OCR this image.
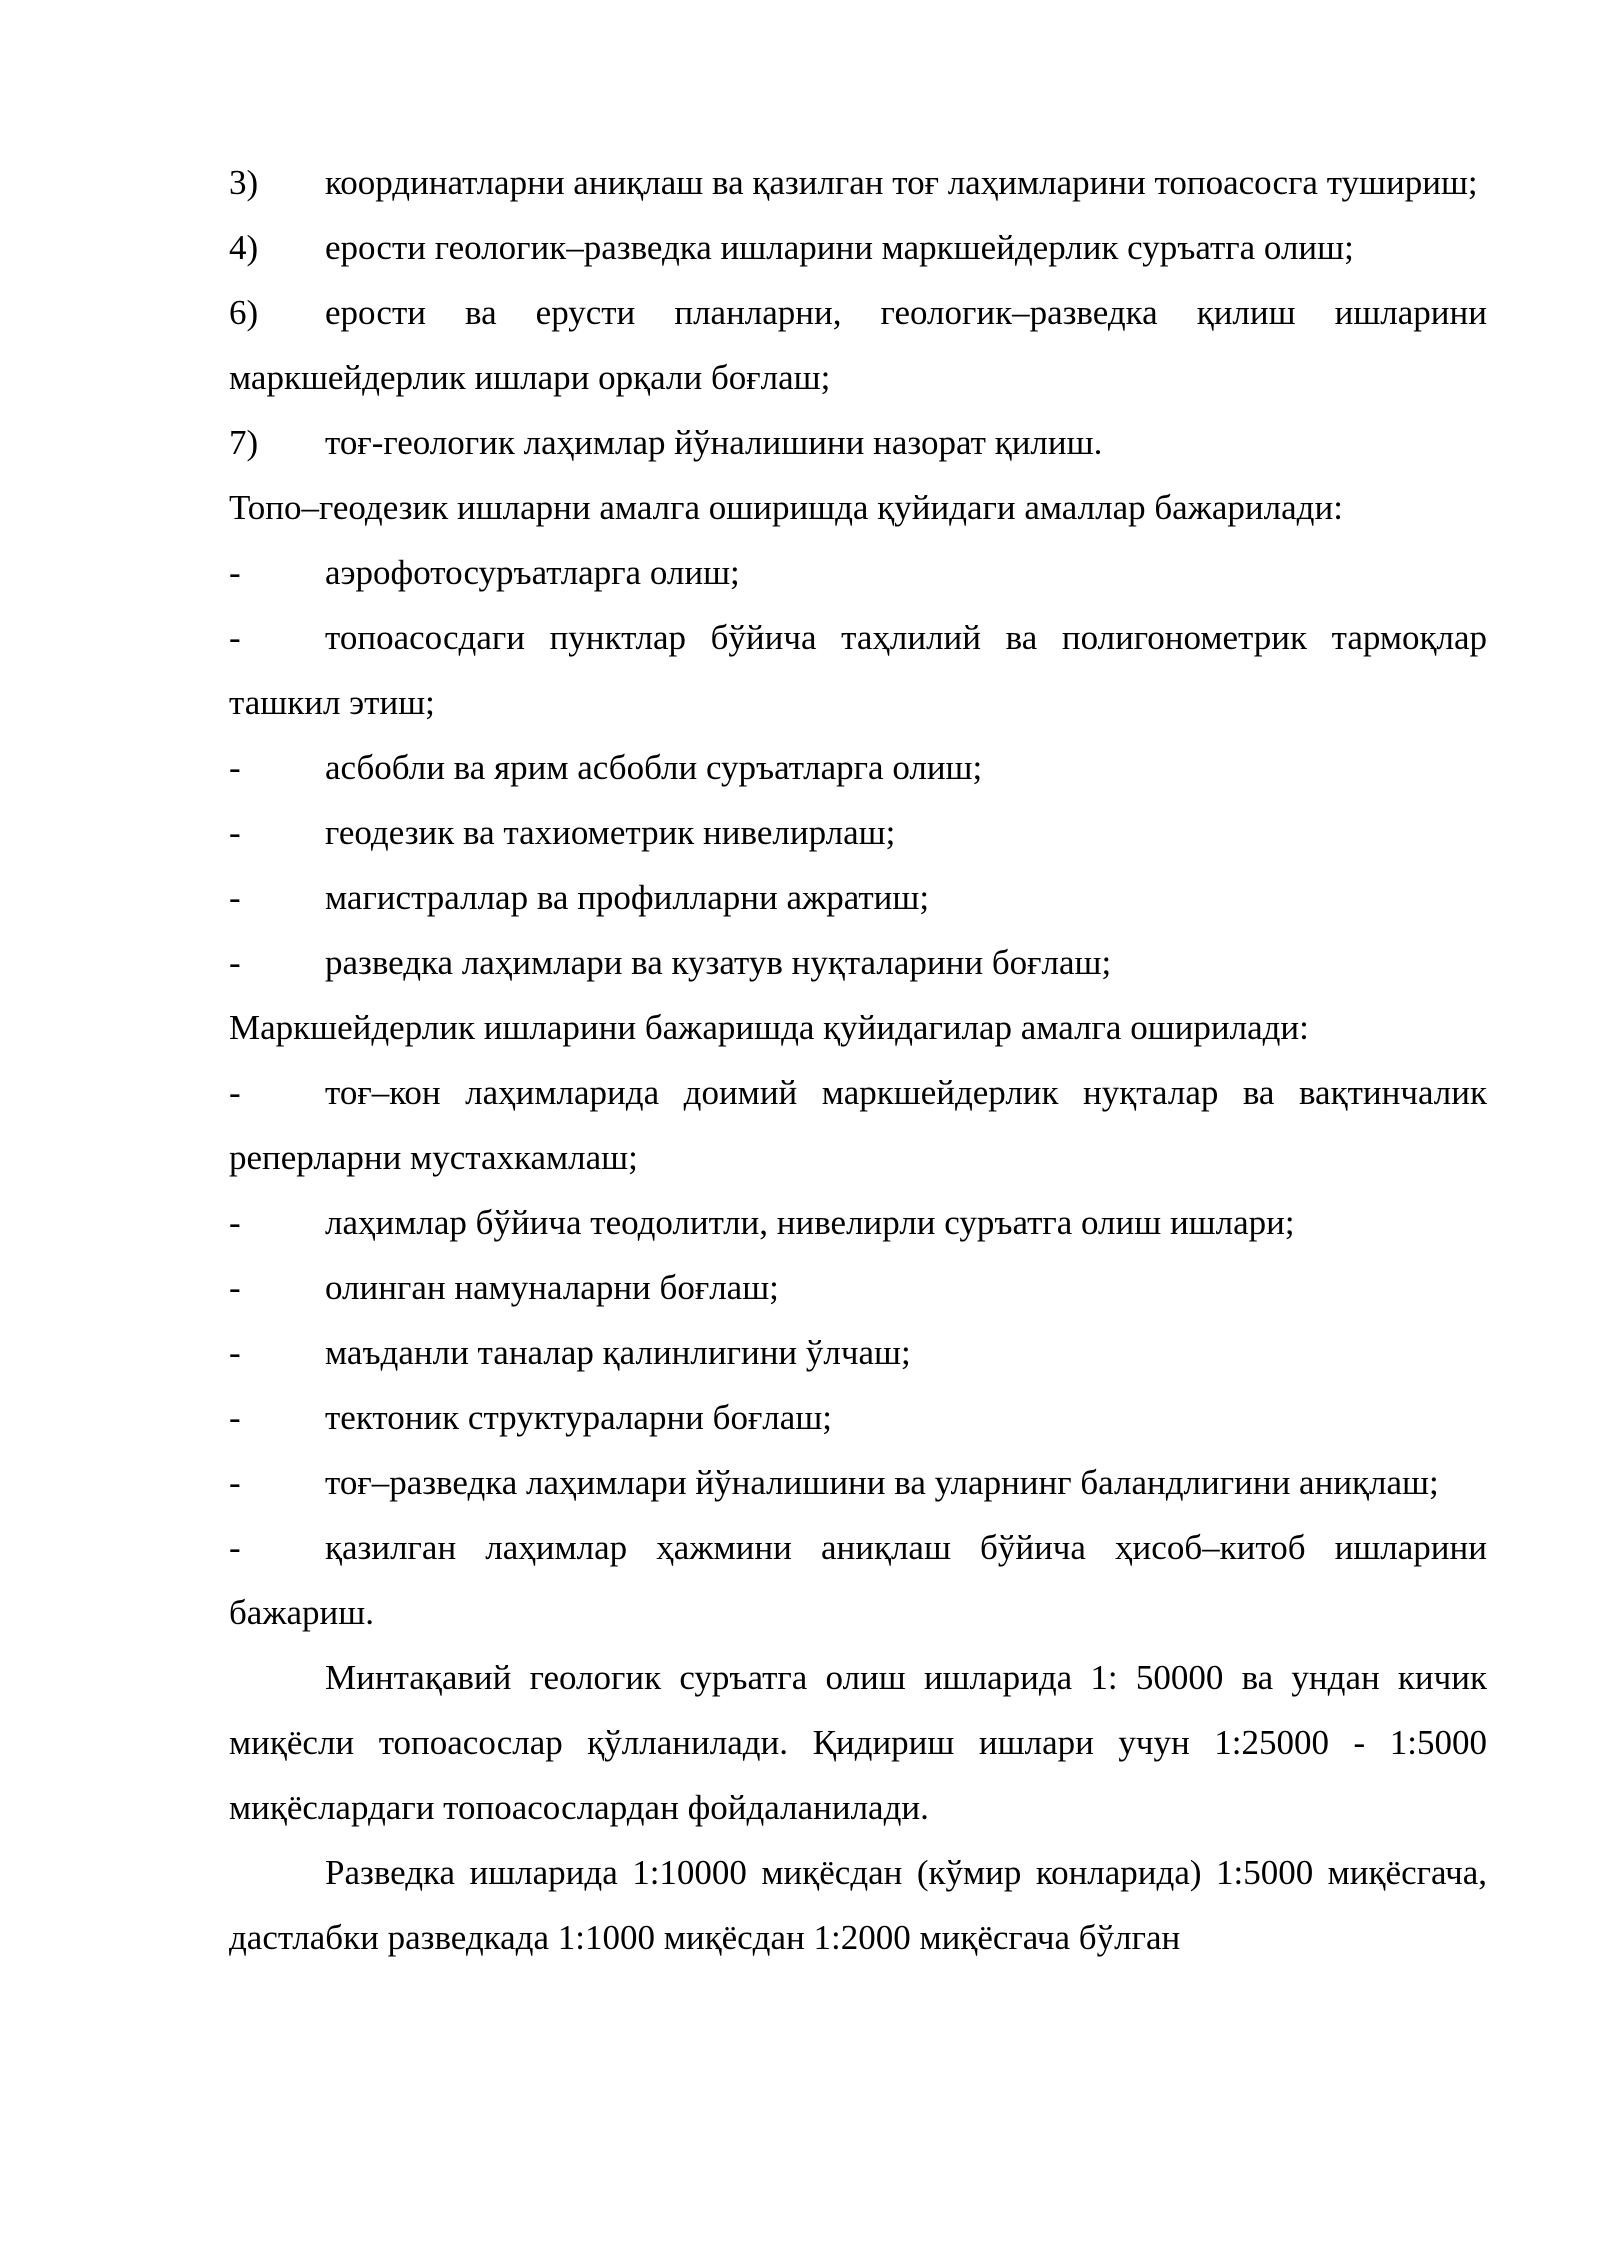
3) координатларни аниқлаш ва қазилган тоғ лаҳимларини топоасосга тушириш;
4) ерости геологик–разведка ишларини маркшейдерлик суръатга олиш;
6) ерости ва ерусти планларни, геологик–разведка қилиш ишларини маркшейдерлик ишлари орқали боғлаш;
7) тоғ-геологик лаҳимлар йўналишини назорат қилиш.

Топо–геодезик ишларни амалга оширишда қуйидаги амаллар бажарилади:

- аэрофотосуръатларга олиш;
- топоасосдаги пунктлар бўйича таҳлилий ва полигонометрик тармоқлар ташкил этиш;
- асбобли ва ярим асбобли суръатларга олиш;
- геодезик ва тахиометрик нивелирлаш;
- магистраллар ва профилларни ажратиш;
- разведка лаҳимлари ва кузатув нуқталарини боғлаш;

Маркшейдерлик ишларини бажаришда қуйидагилар амалга оширилади:

- тоғ–кон лаҳимларида доимий маркшейдерлик нуқталар ва вақтинчалик реперларни мустахкамлаш;
- лаҳимлар бўйича теодолитли, нивелирли суръатга олиш ишлари;
- олинган намуналарни боғлаш;
- маъданли таналар қалинлигини ўлчаш;
- тектоник структураларни боғлаш;
- тоғ–разведка лаҳимлари йўналишини ва уларнинг баландлигини аниқлаш;
- қазилган лаҳимлар ҳажмини аниқлаш бўйича ҳисоб–китоб ишларини бажариш.

Минтақавий геологик суръатга олиш ишларида 1: 50000 ва ундан кичик миқёсли топоасослар қўлланилади. Қидириш ишлари учун 1:25000 - 1:5000 миқёслардаги топоасослардан фойдаланилади.

Разведка ишларида 1:10000 миқёсдан (кўмир конларида) 1:5000 миқёсгача, дастлабки разведкада 1:1000 миқёсдан 1:2000 миқёсгача бўлган
